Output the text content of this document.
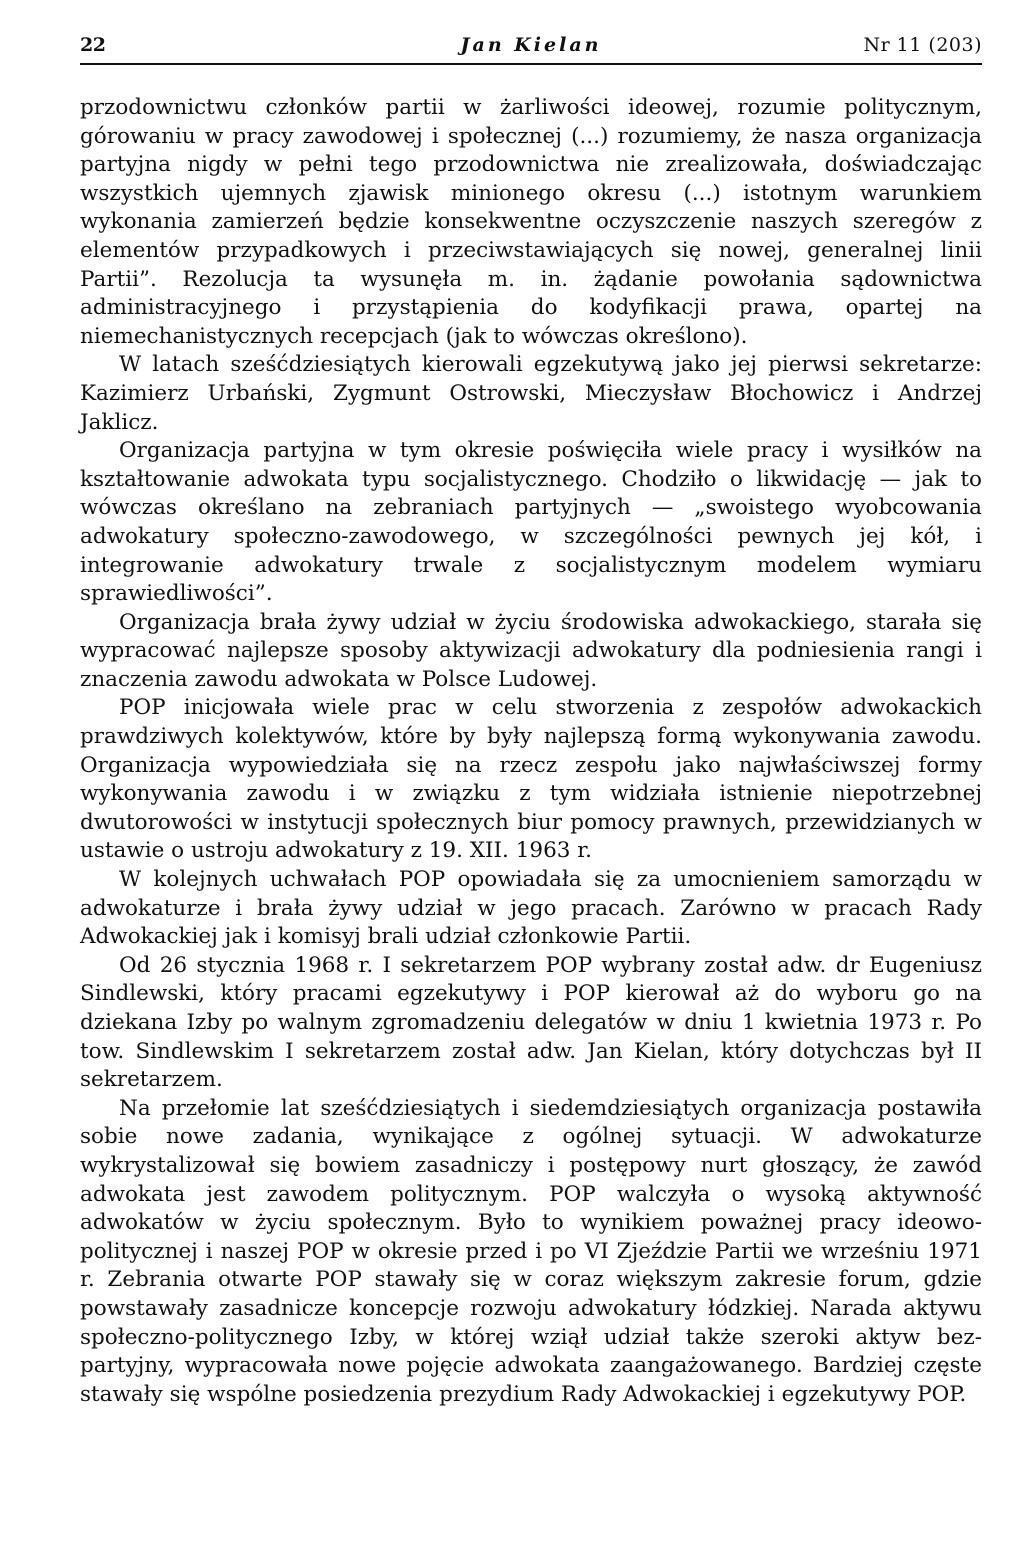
22	Jan Kielan	Nr 11 (203)

przodownictwu członków partii w żarliwości ideowej, rozumie politycznym, górowaniu w pracy zawodowej i społecznej (...) rozumiemy, że nasza organizacja partyjna nigdy w pełni tego przodownictwa nie zrealizowała, doświadczając wszystkich ujemnych zjawisk minionego okresu (...) istotnym warunkiem wykonania zamierzeń będzie konsekwentne oczyszczenie naszych szeregów z elementów przypadkowych i przeciwstawiających się nowej, generalnej linii Partii”. Rezolucja ta wysunęła m. in. żądanie powołania sądownictwa administracyjnego i przystąpienia do kodyfikacji prawa, opartej na niemechanistycznych recepcjach (jak to wówczas określono).

W latach sześćdziesiątych kierowali egzekutywą jako jej pierwsi sekretarze: Kazimierz Urbański, Zygmunt Ostrowski, Mieczysław Błochowicz i Andrzej Jaklicz.

Organizacja partyjna w tym okresie poświęciła wiele pracy i wysiłków na kształtowanie adwokata typu socjalistycznego. Chodziło o likwidację — jak to wówczas określano na zebraniach partyjnych — „swoistego wyobcowania adwokatury społeczno-zawodowego, w szczególności pewnych jej kół, i integrowanie adwokatury trwale z socjalistycznym modelem wymiaru sprawiedliwości”.

Organizacja brała żywy udział w życiu środowiska adwokackiego, starała się wypracować najlepsze sposoby aktywizacji adwokatury dla podniesienia rangi i znaczenia zawodu adwokata w Polsce Ludowej.

POP inicjowała wiele prac w celu stworzenia z zespołów adwokackich prawdziwych kolektywów, które by były najlepszą formą wykonywania zawodu. Organizacja wypowiedziała się na rzecz zespołu jako najwłaściwszej formy wykonywania zawodu i w związku z tym widziała istnienie niepotrzebnej dwutorowości w instytucji społecznych biur pomocy prawnych, przewidzianych w ustawie o ustroju adwokatury z 19. XII. 1963 r.

W kolejnych uchwałach POP opowiadała się za umocnieniem samorządu w adwokaturze i brała żywy udział w jego pracach. Zarówno w pracach Rady Adwokackiej jak i komisyj brali udział członkowie Partii.

Od 26 stycznia 1968 r. I sekretarzem POP wybrany został adw. dr Eugeniusz Sindlewski, który pracami egzekutywy i POP kierował aż do wyboru go na dziekana Izby po walnym zgromadzeniu delegatów w dniu 1 kwietnia 1973 r. Po tow. Sindlewskim I sekretarzem został adw. Jan Kielan, który dotychczas był II sekretarzem.

Na przełomie lat sześćdziesiątych i siedemdziesiątych organizacja postawiła sobie nowe zadania, wynikające z ogólnej sytuacji. W adwokaturze wykrystalizował się bowiem zasadniczy i postępowy nurt głoszący, że zawód adwokata jest zawodem politycznym. POP walczyła o wysoką aktywność adwokatów w życiu społecznym. Było to wynikiem poważnej pracy ideowo-politycznej i naszej POP w okresie przed i po VI Zjeździe Partii we wrześniu 1971 r. Zebrania otwarte POP stawały się w coraz większym zakresie forum, gdzie powstawały zasadnicze koncepcje rozwoju adwokatury łódzkiej. Narada aktywu społeczno-politycznego Izby, w której wziął udział także szeroki aktyw bezpartyjny, wypracowała nowe pojęcie adwokata zaangażowanego. Bardziej częste stawały się wspólne posiedzenia prezydium Rady Adwokackiej i egzekutywy POP.
